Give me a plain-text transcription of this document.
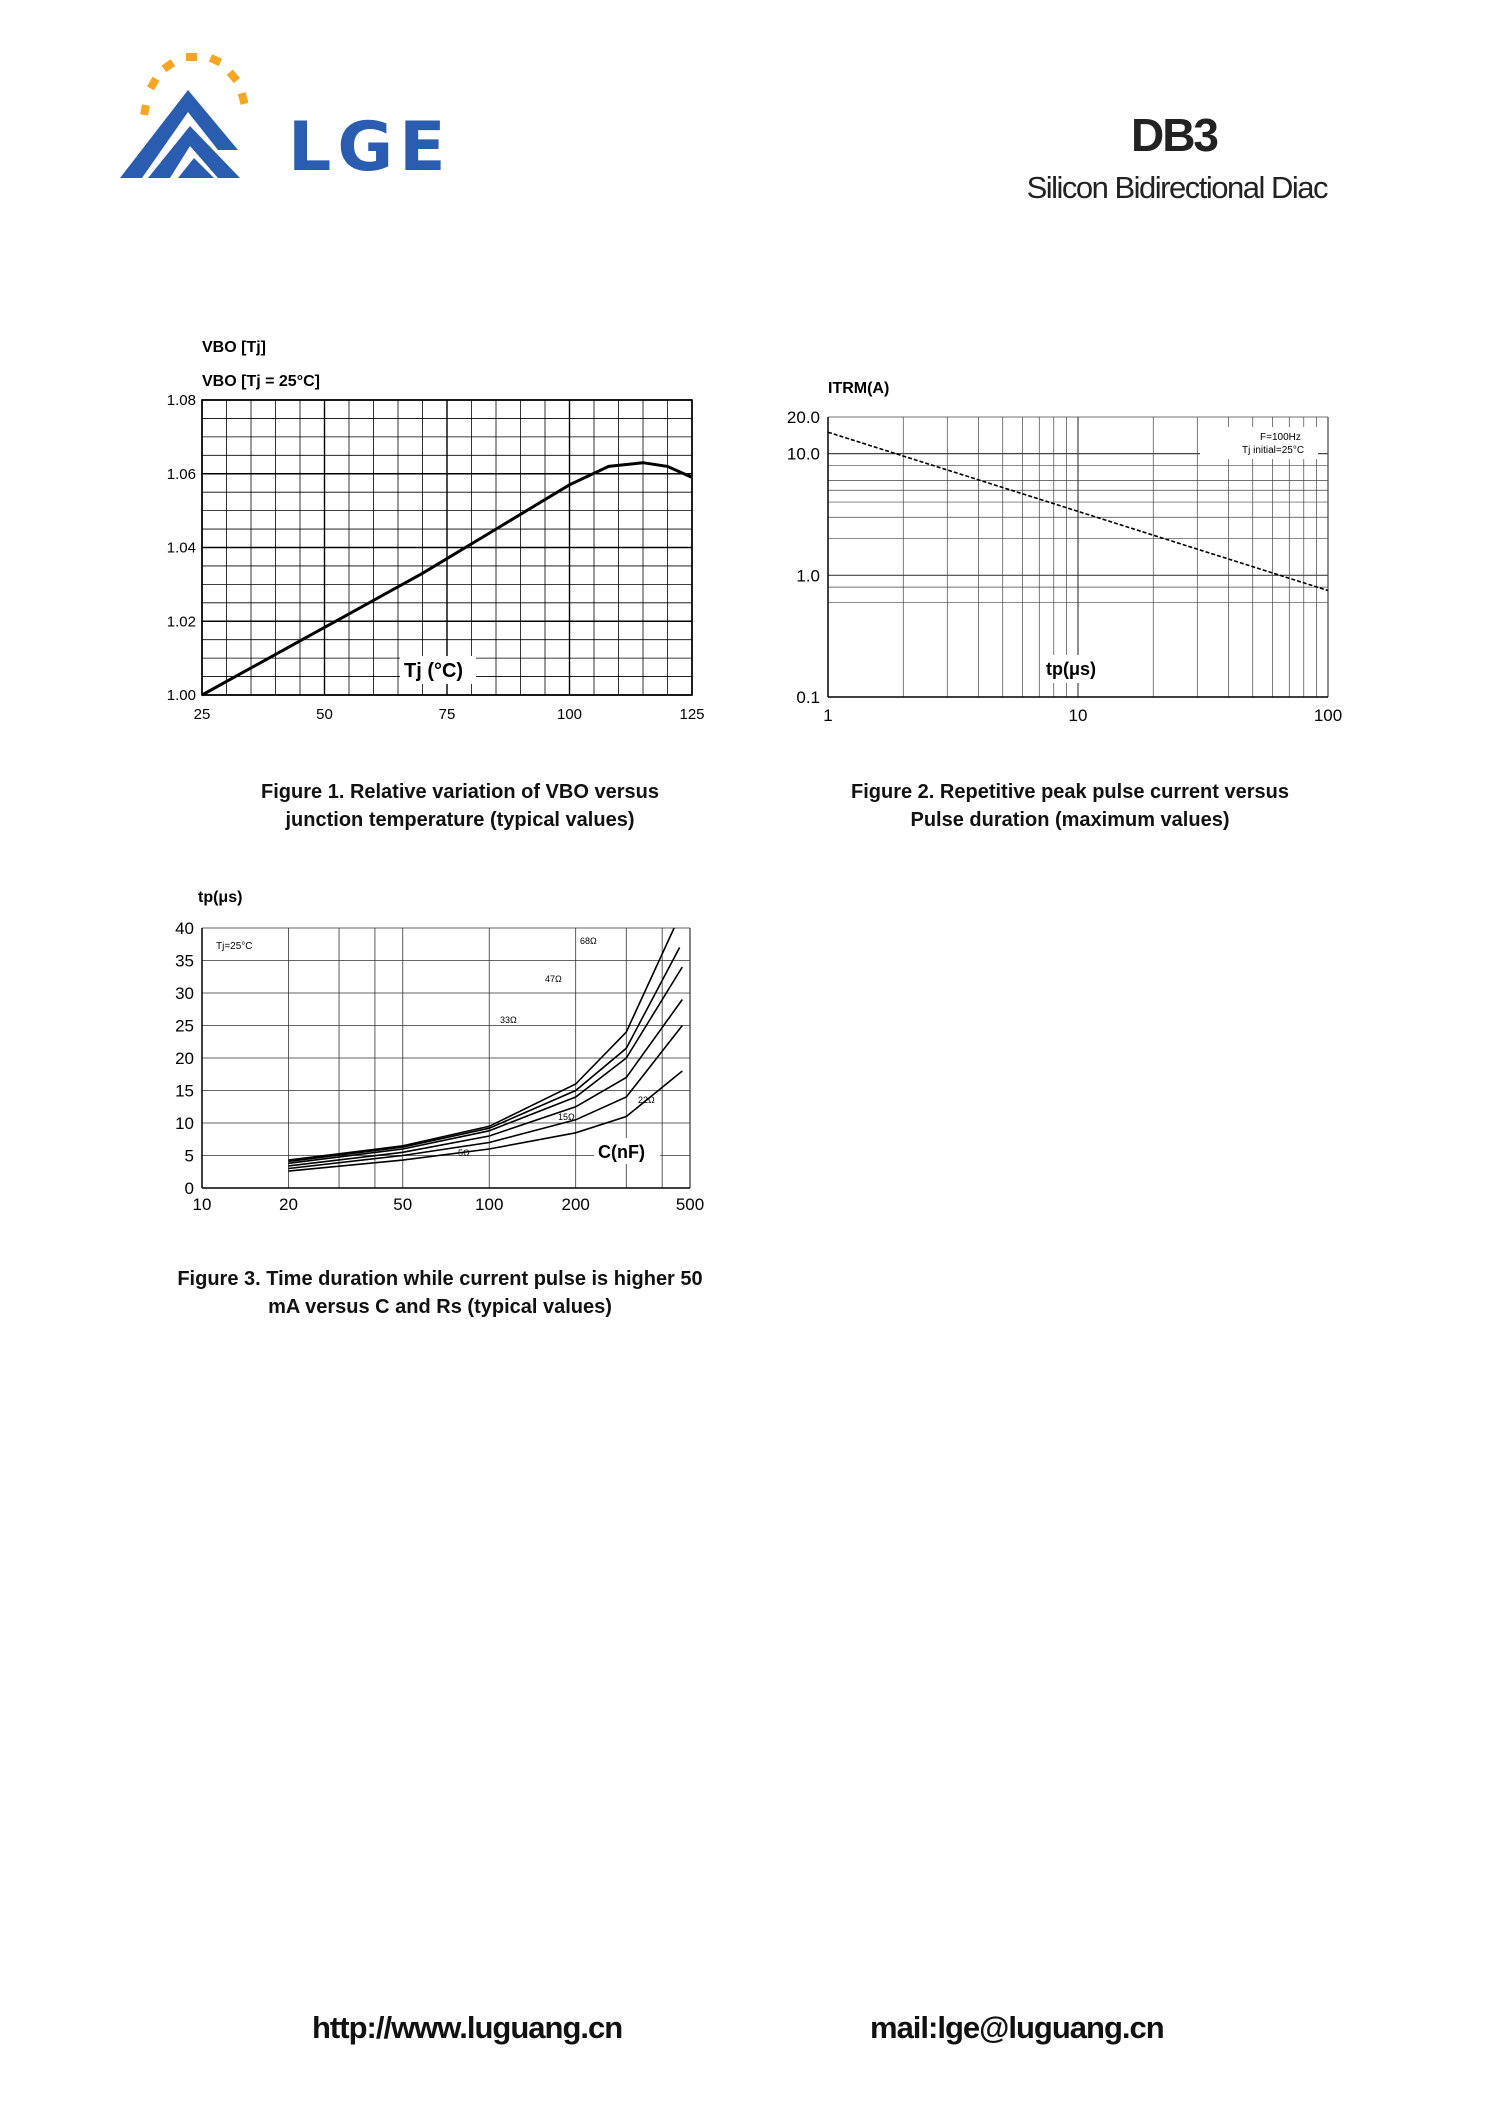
LGE	DB3
Silicon Bidirectional Diac
VBO [Tj]
VBO [Tj = 25°C]
25	50	75	100	125
1.00
1.02
1.04
1.06
1.08
Tj (°C)
Figure 1. Relative variation of VBO versus
junction temperature (typical values)
ITRM(A)
0.1
1.0
10.0
20.0
1	10	100
F=100Hz
Tj initial=25°C
tp(μs)
Figure 2. Repetitive peak pulse current versus
Pulse duration (maximum values)
tp(μs)
0
5
10
15
20
25
30
35
40
10	20	50	100	200	500
Tj=25°C	68Ω
47Ω
33Ω
22Ω
15Ω
5Ω	C(nF)
Figure 3. Time duration while current pulse is higher 50
mA versus C and Rs (typical values)
http://www.luguang.cn	mail:lge@luguang.cn
